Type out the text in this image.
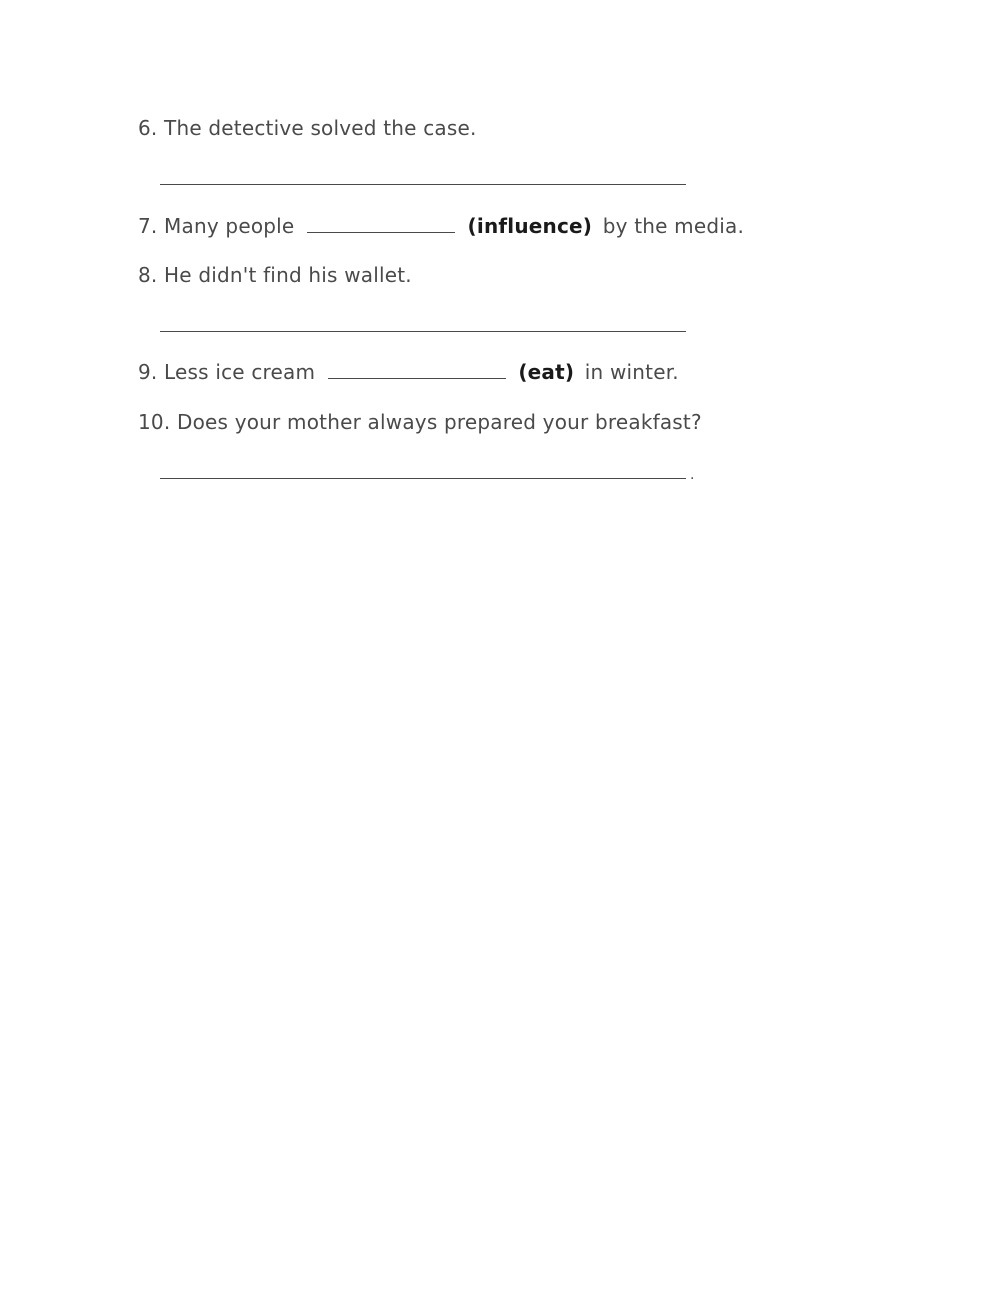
6. The detective solved the case.
7. Many people	(influence) by the media.
8. He didn't find his wallet.
9. Less ice cream	(eat) in winter.
10. Does your mother always prepared your breakfast?
.
